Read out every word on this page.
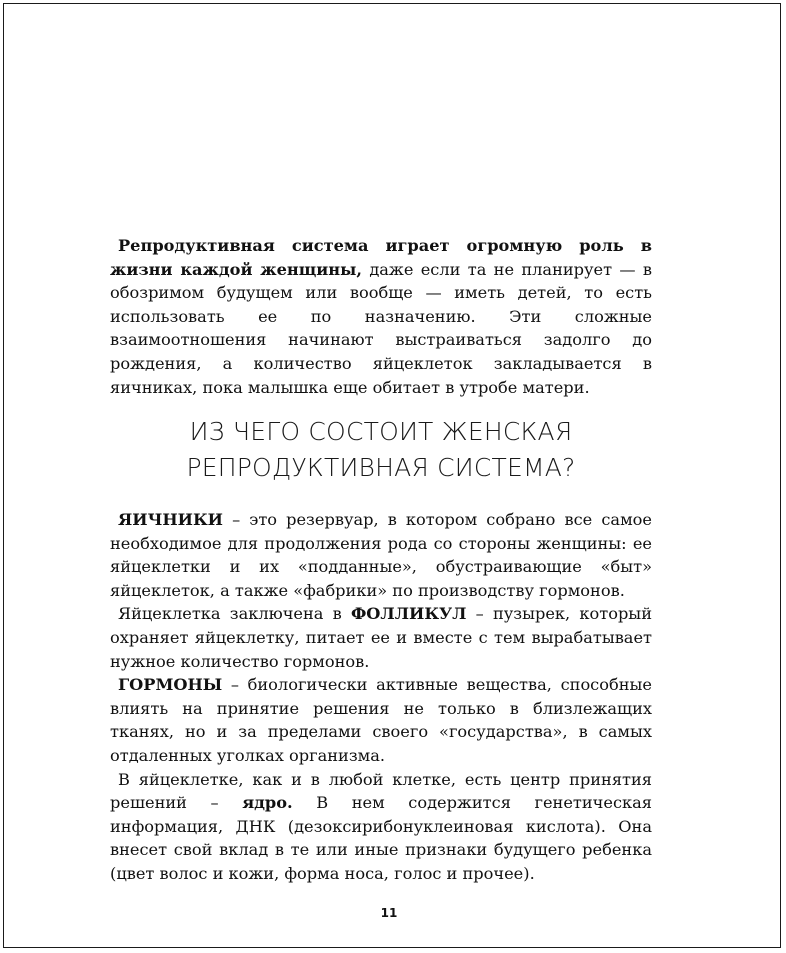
Репродуктивная система играет огромную роль в жизни каждой женщины, даже если та не планирует — в обозримом будущем или вообще — иметь детей, то есть использовать ее по назначению. Эти сложные взаимоотношения начинают выстраиваться задолго до рождения, а количество яйцеклеток закладывается в яичниках, пока малышка еще обитает в утробе матери.

ИЗ ЧЕГО СОСТОИТ ЖЕНСКАЯ
РЕПРОДУКТИВНАЯ СИСТЕМА?

ЯИЧНИКИ – это резервуар, в котором собрано все самое необходимое для продолжения рода со стороны женщины: ее яйцеклетки и их «подданные», обустраивающие «быт» яйцеклеток, а также «фабрики» по производству гормонов.

Яйцеклетка заключена в ФОЛЛИКУЛ – пузырек, который охраняет яйцеклетку, питает ее и вместе с тем вырабатывает нужное количество гормонов.

ГОРМОНЫ – биологически активные вещества, способные влиять на принятие решения не только в близлежащих тканях, но и за пределами своего «государства», в самых отдаленных уголках организма.

В яйцеклетке, как и в любой клетке, есть центр принятия решений – ядро. В нем содержится генетическая информация, ДНК (дезоксирибонуклеиновая кислота). Она внесет свой вклад в те или иные признаки будущего ребенка (цвет волос и кожи, форма носа, голос и прочее).

11
